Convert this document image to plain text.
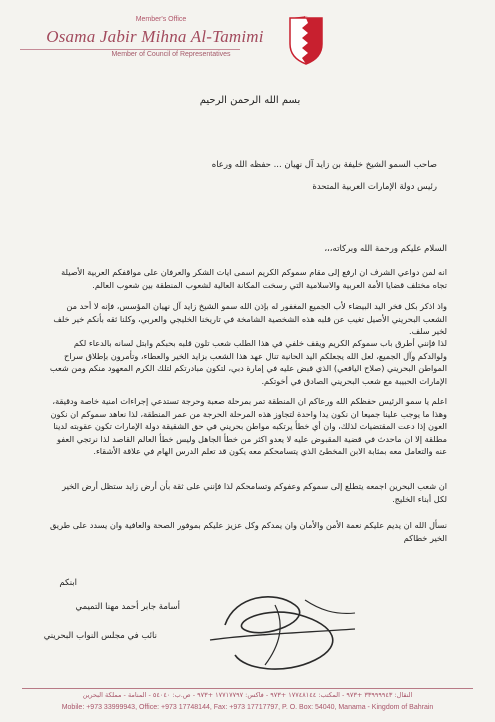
Member's Office
Osama Jabir Mihna Al-Tamimi
Member of Council of Representatives
بسم الله الرحمن الرحيم
صاحب السمو الشيخ خليفة بن زايد آل نهيان ... حفظه الله ورعاه
رئيس دولة الإمارات العربية المتحدة
السلام عليكم ورحمة الله وبركاته،،،
انه لمن دواعي الشرف ان ارفع إلى مقام سموكم الكريم اسمى ايات الشكر والعرفان على مواقفكم العربية الأصيلة تجاه مختلف قضايا الأمة العربية والاسلامية التي رسخت المكانة العالية لشعوب المنطقة بين شعوب العالم.
واذ اذكر بكل فخر اليد البيضاء لأب الجميع المغفور له بإذن الله سمو الشيخ زايد آل نهيان المؤسس، فإنه لا أحد من الشعب البحريني الأصيل تغيب عن قلبه هذه الشخصية الشامخة في تاريخنا الخليجي والعربي، وكلنا ثقه بأنكم خير خلف لخير سلف.
لذا فإنني أطرق باب سموكم الكريم ويقف خلفي في هذا الطلب شعب تلون قلبه بحبكم وابتل لسانه بالدعاء لكم ولوالدكم وآل الجميع، لعل الله يجعلكم اليد الحانية تنال عهد هذا الشعب بزايد الخير والعطاء، وتأمرون بإطلاق سراح المواطن البحريني (صلاح اليافعي) الذي قبض عليه في إمارة دبي، لتكون مبادرتكم لتلك الكرم المعهود منكم ومن شعب الإمارات الحبيبة مع شعب البحريني الصادق في أخوتكم.
اعلم يا سمو الرئيس حفظكم الله ورعاكم ان المنطقة تمر بمرحلة صعبة وحرجة تستدعي إجراءات امنية خاصة ودقيقة، وهذا ما يوجب علينا جميعا ان نكون يدا واحدة لتجاوز هذه المرحلة الحرجة من عمر المنطقة، لذا نعاهد سموكم ان نكون العون إذا دعت المقتضيات لذلك، وان أي خطأ يرتكبه مواطن بحريني في حق الشقيقة دولة الإمارات تكون عقوبته لدينا مطلقة إلا ان ماحدث في قضية المقبوض عليه لا يعدو اكثر من خطأ الجاهل وليس خطأ العالم القاصد لذا نرتجي العفو عنه والتعامل معه بمثابة الابن المخطئ الذي يتسامحكم معه يكون قد تعلم الدرس الهام في علاقة الأشقاء.
ان شعب البحرين اجمعه يتطلع إلى سموكم وعفوكم وتسامحكم لذا فإنني على ثقة بأن أرض زايد ستظل أرض الخير لكل أبناء الخليج.
نسأل الله ان يديم عليكم نعمة الأمن والأمان وان يمدكم وكل عزيز عليكم بموفور الصحة والعافية وان يسدد على طريق الخير خطاكم
ابنكم
أسامة جابر أحمد مهنا التميمي
نائب في مجلس النواب البحريني
النقال: ٣٣٩٩٩٩٤٣ +٩٧٣ - المكتب: ١٧٧٤٨١٤٤ +٩٧٣ - فاكس: ١٧٧١٧٧٩٧ +٩٧٣ - ص.ب: ٥٤٠٤٠ - المنامة - مملكة البحرين
Mobile: +973 33999943, Office: +973 17748144, Fax: +973 17717797, P. O. Box: 54040, Manama - Kingdom of Bahrain
